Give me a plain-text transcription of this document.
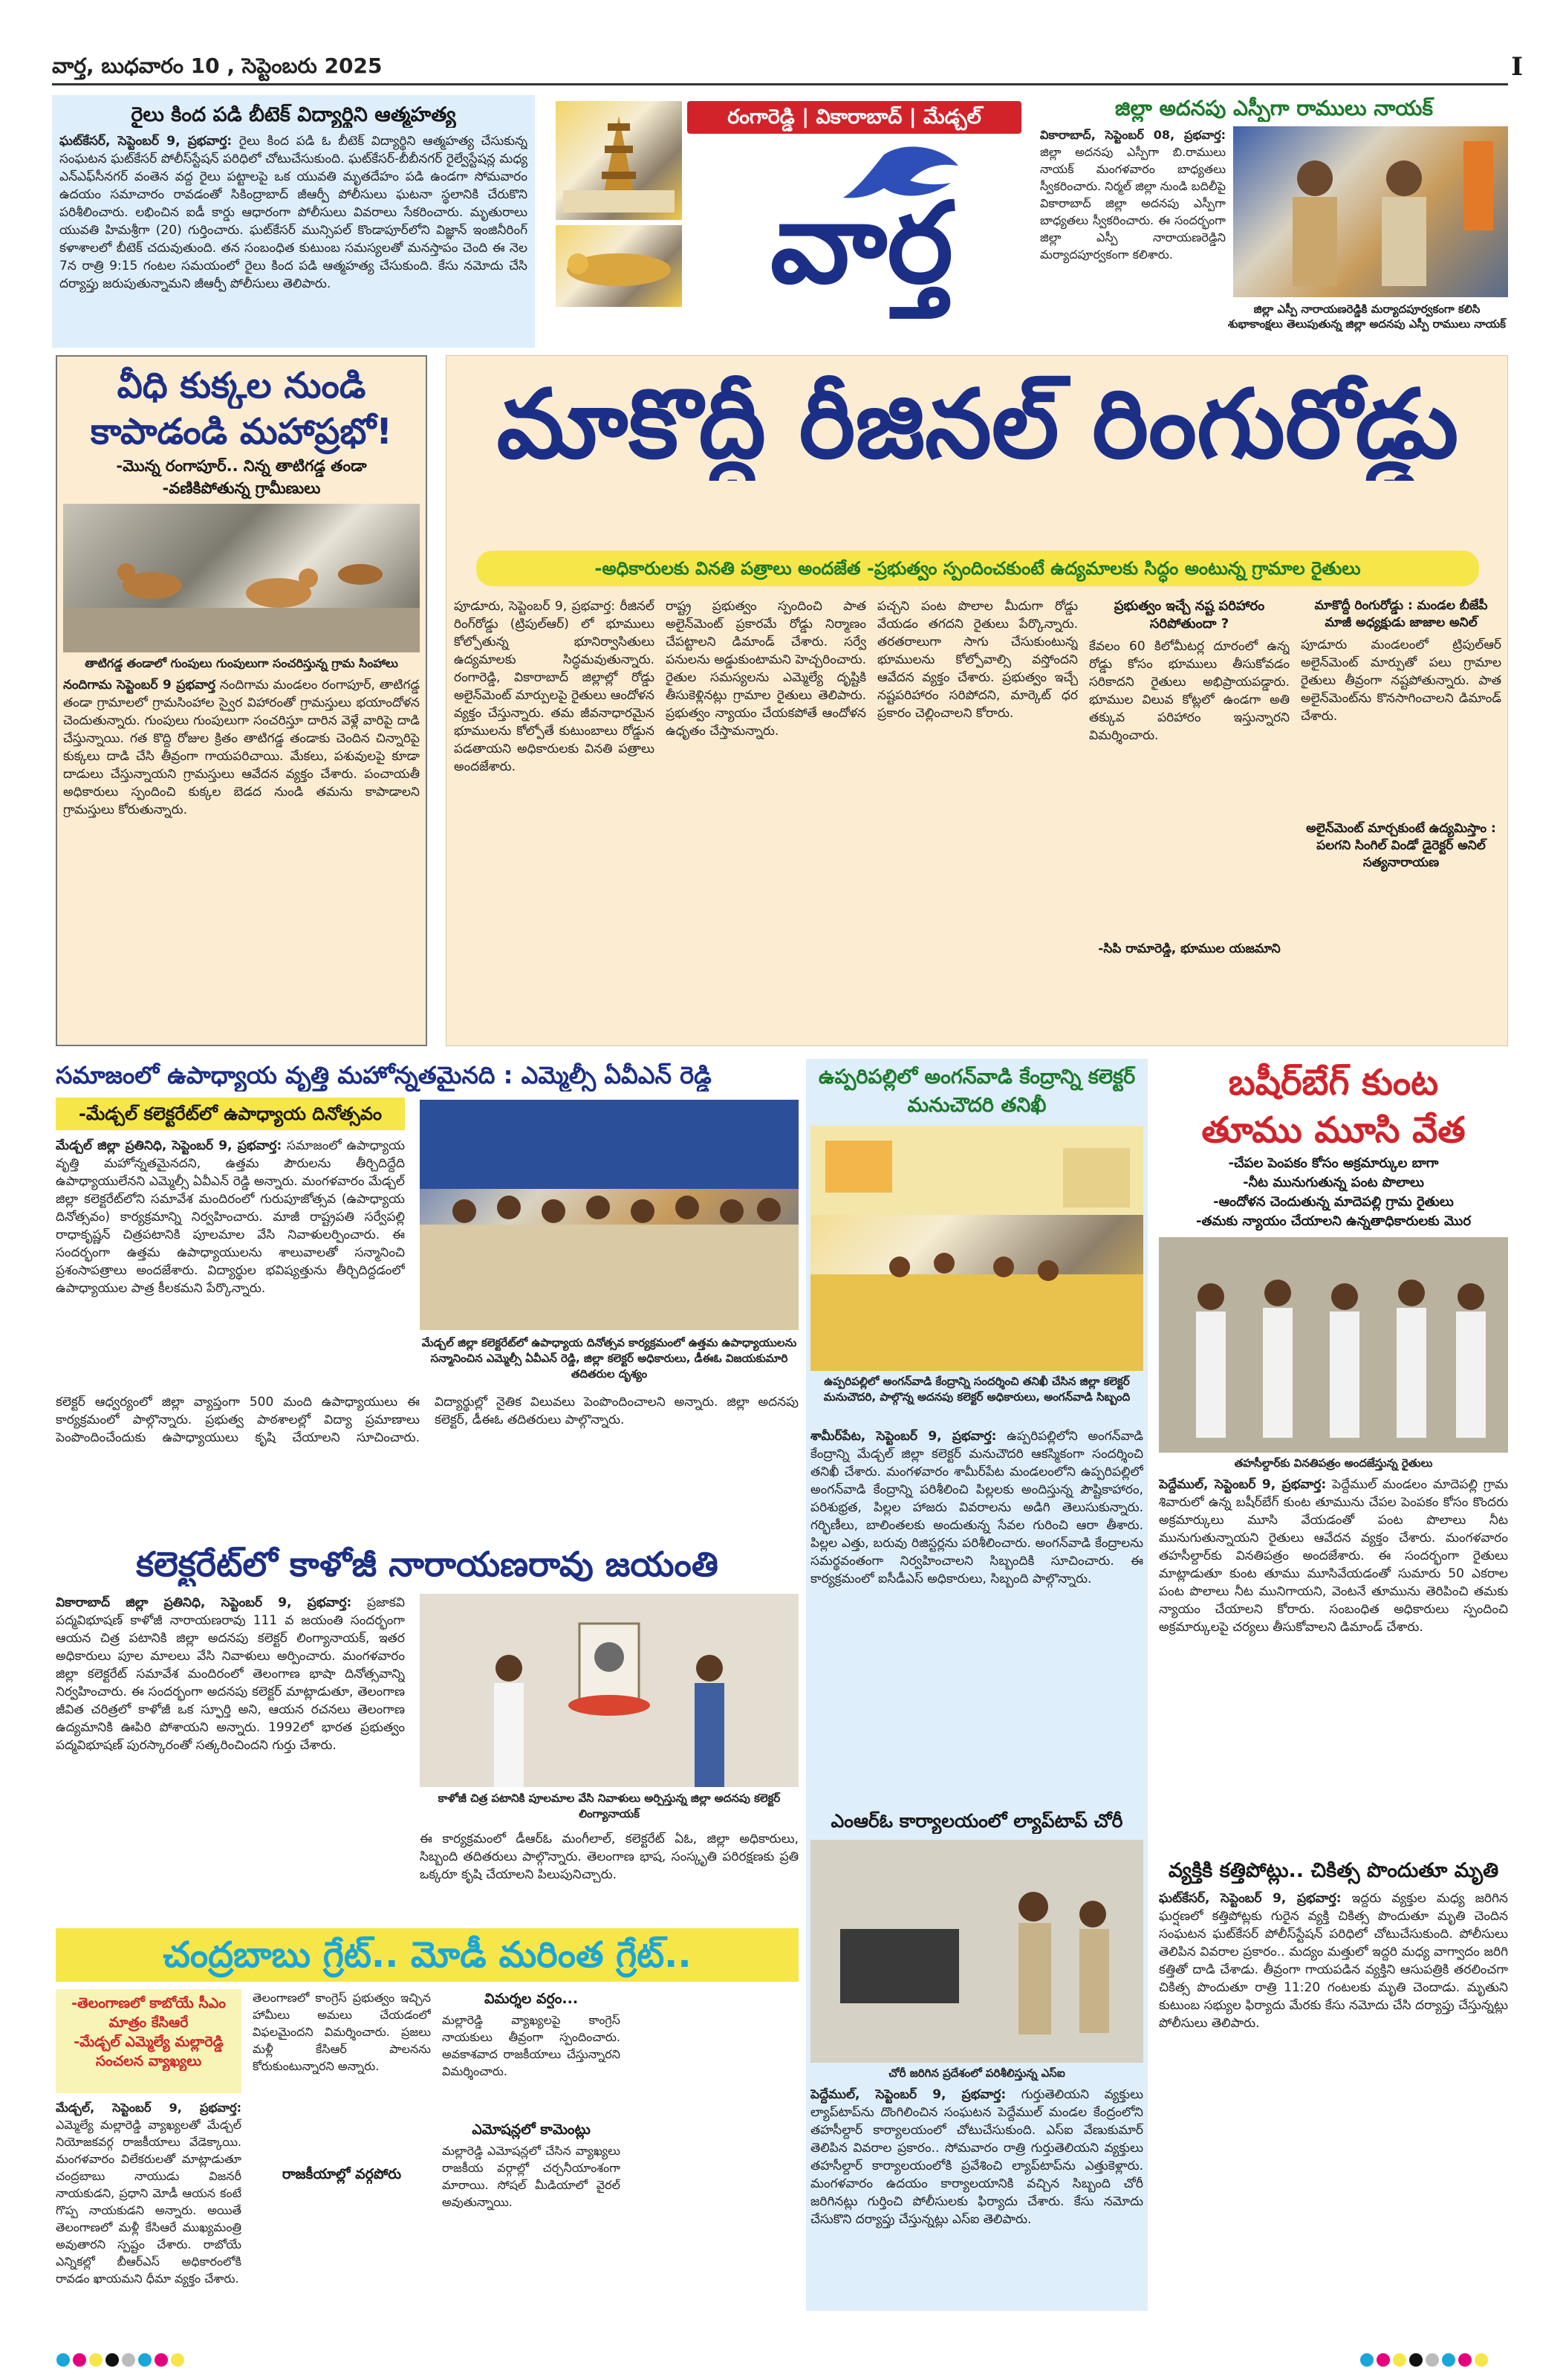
వార్త, బుధవారం 10 , సెప్టెంబరు 2025	I
రైలు కింద పడి బీటెక్ విద్యార్థిని ఆత్మహత్య
ఘట్‌కేసర్, సెప్టెంబర్ 9, ప్రభవార్త: రైలు కింద పడి ఓ బీటెక్ విద్యార్థిని ఆత్మహత్య చేసుకున్న సంఘటన ఘట్‌కేసర్ పోలీస్‌స్టేషన్ పరిధిలో చోటుచేసుకుంది. ఘట్‌కేసర్-బీబీనగర్ రైల్వేస్టేషన్ల మధ్య ఎన్‌ఎఫ్‌సీనగర్ వంతెన వద్ద రైలు పట్టాలపై ఒక యువతి మృతదేహం పడి ఉండగా సోమవారం ఉదయం సమాచారం రావడంతో సికింద్రాబాద్ జీఆర్పీ పోలీసులు ఘటనా స్థలానికి చేరుకొని పరిశీలించారు. లభించిన ఐడీ కార్డు ఆధారంగా పోలీసులు వివరాలు సేకరించారు. మృతురాలు యువతి హిమశ్రీగా (20) గుర్తించారు. ఘట్‌కేసర్ మున్సిపల్ కొండాపూర్‌లోని విజ్ఞాన్ ఇంజినీరింగ్ కళాశాలలో బీటెక్ చదువుతుంది. తన సంబంధిత కుటుంబ సమస్యలతో మనస్తాపం చెంది ఈ నెల 7న రాత్రి 9:15 గంటల సమయంలో రైలు కింద పడి ఆత్మహత్య చేసుకుంది. కేసు నమోదు చేసి దర్యాప్తు జరుపుతున్నామని జీఆర్పీ పోలీసులు తెలిపారు.
రంగారెడ్డి | వికారాబాద్ | మేడ్చల్
వార్త
జిల్లా అదనపు ఎస్పీగా రాములు నాయక్
వికారాబాద్, సెప్టెంబర్ 08, ప్రభవార్త: జిల్లా అదనపు ఎస్పీగా బి.రాములు నాయక్ మంగళవారం బాధ్యతలు స్వీకరించారు. నిర్మల్ జిల్లా నుండి బదిలీపై వికారాబాద్ జిల్లా అదనపు ఎస్పీగా బాధ్యతలు స్వీకరించారు. ఈ సందర్భంగా జిల్లా ఎస్పీ నారాయణరెడ్డిని మర్యాదపూర్వకంగా కలిశారు.
జిల్లా ఎస్పీ నారాయణరెడ్డికి మర్యాదపూర్వకంగా కలిసి శుభాకాంక్షలు తెలుపుతున్న జిల్లా అదనపు ఎస్పీ రాములు నాయక్
వీధి కుక్కల నుండి
కాపాడండి మహాప్రభో!
-మొన్న రంగాపూర్.. నిన్న తాటిగడ్డ తండా
-వణికిపోతున్న గ్రామీణులు
తాటిగడ్డ తండాలో గుంపులు గుంపులుగా సంచరిస్తున్న గ్రామ సింహాలు
నందిగామ సెప్టెంబర్ 9 ప్రభవార్త నందిగామ మండలం రంగాపూర్, తాటిగడ్డ తండా గ్రామాలలో గ్రామసింహాల స్వైర విహారంతో గ్రామస్తులు భయాందోళన చెందుతున్నారు. గుంపులు గుంపులుగా సంచరిస్తూ దారిన వెళ్లే వారిపై దాడి చేస్తున్నాయి. గత కొద్ది రోజుల క్రితం తాటిగడ్డ తండాకు చెందిన చిన్నారిపై కుక్కలు దాడి చేసి తీవ్రంగా గాయపరిచాయి. మేకలు, పశువులపై కూడా దాడులు చేస్తున్నాయని గ్రామస్తులు ఆవేదన వ్యక్తం చేశారు. పంచాయతీ అధికారులు స్పందించి కుక్కల బెడద నుండి తమను కాపాడాలని గ్రామస్తులు కోరుతున్నారు.
మాకొద్దీ రీజినల్ రింగురోడ్డు
-అధికారులకు వినతి పత్రాలు అందజేత -ప్రభుత్వం స్పందించకుంటే ఉద్యమాలకు సిద్ధం అంటున్న గ్రామాల రైతులు
పూడూరు, సెప్టెంబర్ 9, ప్రభవార్త: రీజినల్ రింగ్‌రోడ్డు (ట్రిపుల్‌ఆర్) లో భూములు కోల్పోతున్న భూనిర్వాసితులు ఉద్యమాలకు సిద్ధమవుతున్నారు. రంగారెడ్డి, వికారాబాద్ జిల్లాల్లో రోడ్డు అలైన్‌మెంట్ మార్పులపై రైతులు ఆందోళన వ్యక్తం చేస్తున్నారు. తమ జీవనాధారమైన భూములను కోల్పోతే కుటుంబాలు రోడ్డున పడతాయని అధికారులకు వినతి పత్రాలు అందజేశారు.
రాష్ట్ర ప్రభుత్వం స్పందించి పాత అలైన్‌మెంట్ ప్రకారమే రోడ్డు నిర్మాణం చేపట్టాలని డిమాండ్ చేశారు. సర్వే పనులను అడ్డుకుంటామని హెచ్చరించారు. రైతుల సమస్యలను ఎమ్మెల్యే దృష్టికి తీసుకెళ్లినట్లు గ్రామాల రైతులు తెలిపారు. ప్రభుత్వం న్యాయం చేయకపోతే ఆందోళన ఉధృతం చేస్తామన్నారు.
పచ్చని పంట పొలాల మీదుగా రోడ్డు వేయడం తగదని రైతులు పేర్కొన్నారు. తరతరాలుగా సాగు చేసుకుంటున్న భూములను కోల్పోవాల్సి వస్తోందని ఆవేదన వ్యక్తం చేశారు. ప్రభుత్వం ఇచ్చే నష్టపరిహారం సరిపోదని, మార్కెట్ ధర ప్రకారం చెల్లించాలని కోరారు.
ప్రభుత్వం ఇచ్చే నష్ట పరిహారం సరిపోతుందా ?
కేవలం 60 కిలోమీటర్ల దూరంలో ఉన్న రోడ్డు కోసం భూములు తీసుకోవడం సరికాదని రైతులు అభిప్రాయపడ్డారు. భూముల విలువ కోట్లలో ఉండగా అతి తక్కువ పరిహారం ఇస్తున్నారని విమర్శించారు.
-సిపి రామారెడ్డి, భూముల యజమాని
మాకొద్దీ రింగురోడ్డు : మండల బీజేపీ మాజీ అధ్యక్షుడు జాజాల అనిల్
పూడూరు మండలంలో ట్రిపుల్‌ఆర్ అలైన్‌మెంట్ మార్పుతో పలు గ్రామాల రైతులు తీవ్రంగా నష్టపోతున్నారు. పాత అలైన్‌మెంట్‌ను కొనసాగించాలని డిమాండ్ చేశారు.
అలైన్‌మెంట్ మార్చకుంటే ఉద్యమిస్తాం : పలగని సింగిల్ విండో డైరెక్టర్ అనిల్ సత్యనారాయణ
సమాజంలో ఉపాధ్యాయ వృత్తి మహోన్నతమైనది : ఎమ్మెల్సీ ఏవీఎన్ రెడ్డి
-మేడ్చల్ కలెక్టరేట్‌లో ఉపాధ్యాయ దినోత్సవం
మేడ్చల్ జిల్లా ప్రతినిధి, సెప్టెంబర్ 9, ప్రభవార్త: సమాజంలో ఉపాధ్యాయ వృత్తి మహోన్నతమైనదని, ఉత్తమ పౌరులను తీర్చిదిద్దేది ఉపాధ్యాయులేనని ఎమ్మెల్సీ ఏవీఎన్ రెడ్డి అన్నారు. మంగళవారం మేడ్చల్ జిల్లా కలెక్టరేట్‌లోని సమావేశ మందిరంలో గురుపూజోత్సవ (ఉపాధ్యాయ దినోత్సవం) కార్యక్రమాన్ని నిర్వహించారు. మాజీ రాష్ట్రపతి సర్వేపల్లి రాధాకృష్ణన్ చిత్రపటానికి పూలమాల వేసి నివాళులర్పించారు. ఈ సందర్భంగా ఉత్తమ ఉపాధ్యాయులను శాలువాలతో సన్మానించి ప్రశంసాపత్రాలు అందజేశారు. విద్యార్థుల భవిష్యత్తును తీర్చిదిద్దడంలో ఉపాధ్యాయుల పాత్ర కీలకమని పేర్కొన్నారు.
మేడ్చల్ జిల్లా కలెక్టరేట్‌లో ఉపాధ్యాయ దినోత్సవ కార్యక్రమంలో ఉత్తమ ఉపాధ్యాయులను సన్మానించిన ఎమ్మెల్సీ ఏవీఎన్ రెడ్డి, జిల్లా కలెక్టర్ అధికారులు, డీఈఓ విజయకుమారి తదితరుల దృశ్యం
కలెక్టర్ ఆధ్వర్యంలో జిల్లా వ్యాప్తంగా 500 మంది ఉపాధ్యాయులు ఈ కార్యక్రమంలో పాల్గొన్నారు. ప్రభుత్వ పాఠశాలల్లో విద్యా ప్రమాణాలు పెంపొందించేందుకు ఉపాధ్యాయులు కృషి చేయాలని సూచించారు. విద్యార్థుల్లో నైతిక విలువలు పెంపొందించాలని అన్నారు. జిల్లా అదనపు కలెక్టర్, డీఈఓ తదితరులు పాల్గొన్నారు.
కలెక్టరేట్‌లో కాళోజీ నారాయణరావు జయంతి
వికారాబాద్ జిల్లా ప్రతినిధి, సెప్టెంబర్ 9, ప్రభవార్త: ప్రజాకవి పద్మవిభూషణ్ కాళోజీ నారాయణరావు 111 వ జయంతి సందర్భంగా ఆయన చిత్ర పటానికి జిల్లా అదనపు కలెక్టర్ లింగ్యానాయక్, ఇతర అధికారులు పూల మాలలు వేసి నివాళులు అర్పించారు. మంగళవారం జిల్లా కలెక్టరేట్ సమావేశ మందిరంలో తెలంగాణ భాషా దినోత్సవాన్ని నిర్వహించారు. ఈ సందర్భంగా అదనపు కలెక్టర్ మాట్లాడుతూ, తెలంగాణ జీవిత చరిత్రలో కాళోజీ ఒక స్ఫూర్తి అని, ఆయన రచనలు తెలంగాణ ఉద్యమానికి ఊపిరి పోశాయని అన్నారు. 1992లో భారత ప్రభుత్వం పద్మవిభూషణ్ పురస్కారంతో సత్కరించిందని గుర్తు చేశారు.
కాళోజీ చిత్ర పటానికి పూలమాల వేసి నివాళులు అర్పిస్తున్న జిల్లా అదనపు కలెక్టర్ లింగ్యానాయక్
ఈ కార్యక్రమంలో డీఆర్‌ఓ మంగీలాల్, కలెక్టరేట్ ఏఓ, జిల్లా అధికారులు, సిబ్బంది తదితరులు పాల్గొన్నారు. తెలంగాణ భాష, సంస్కృతి పరిరక్షణకు ప్రతి ఒక్కరూ కృషి చేయాలని పిలుపునిచ్చారు.
చంద్రబాబు గ్రేట్.. మోడీ మరింత గ్రేట్..
-తెలంగాణలో కాబోయే సీఎం మాత్రం కేసిఆరే
-మేడ్చల్ ఎమ్మెల్యే మల్లారెడ్డి సంచలన వ్యాఖ్యలు
మేడ్చల్, సెప్టెంబర్ 9, ప్రభవార్త: ఎమ్మెల్యే మల్లారెడ్డి వ్యాఖ్యలతో మేడ్చల్ నియోజకవర్గ రాజకీయాలు వేడెక్కాయి. మంగళవారం విలేకరులతో మాట్లాడుతూ చంద్రబాబు నాయుడు విజనరీ నాయకుడని, ప్రధాని మోడీ ఆయన కంటే గొప్ప నాయకుడని అన్నారు. అయితే తెలంగాణలో మళ్లీ కేసిఆరే ముఖ్యమంత్రి అవుతారని స్పష్టం చేశారు. రాబోయే ఎన్నికల్లో బీఆర్‌ఎస్ అధికారంలోకి రావడం ఖాయమని ధీమా వ్యక్తం చేశారు.
తెలంగాణలో కాంగ్రెస్ ప్రభుత్వం ఇచ్చిన హామీలు అమలు చేయడంలో విఫలమైందని విమర్శించారు. ప్రజలు మళ్లీ కేసిఆర్ పాలనను కోరుకుంటున్నారని అన్నారు.
రాజకీయాల్లో వర్గపోరు
విమర్శల వర్షం...
మల్లారెడ్డి వ్యాఖ్యలపై కాంగ్రెస్ నాయకులు తీవ్రంగా స్పందించారు. అవకాశవాద రాజకీయాలు చేస్తున్నారని విమర్శించారు.
ఎమోషన్లలో కామెంట్లు
మల్లారెడ్డి ఎమోషన్లలో చేసిన వ్యాఖ్యలు రాజకీయ వర్గాల్లో చర్చనీయాంశంగా మారాయి. సోషల్ మీడియాలో వైరల్ అవుతున్నాయి.
ఉప్పరిపల్లిలో అంగన్‌వాడి కేంద్రాన్ని కలెక్టర్ మనుచౌదరి తనిఖీ
ఉప్పరిపల్లిలో అంగన్‌వాడి కేంద్రాన్ని సందర్శించి తనిఖీ చేసిన జిల్లా కలెక్టర్ మనుచౌదరి, పాల్గొన్న అదనపు కలెక్టర్ అధికారులు, అంగన్‌వాడి సిబ్బంది
శామీర్‌పేట, సెప్టెంబర్ 9, ప్రభవార్త: ఉప్పరిపల్లిలోని అంగన్‌వాడి కేంద్రాన్ని మేడ్చల్ జిల్లా కలెక్టర్ మనుచౌదరి ఆకస్మికంగా సందర్శించి తనిఖీ చేశారు. మంగళవారం శామీర్‌పేట మండలంలోని ఉప్పరిపల్లిలో అంగన్‌వాడి కేంద్రాన్ని పరిశీలించి పిల్లలకు అందిస్తున్న పౌష్టికాహారం, పరిశుభ్రత, పిల్లల హాజరు వివరాలను అడిగి తెలుసుకున్నారు. గర్భిణీలు, బాలింతలకు అందుతున్న సేవల గురించి ఆరా తీశారు. పిల్లల ఎత్తు, బరువు రిజిస్టర్లను పరిశీలించారు. అంగన్‌వాడి కేంద్రాలను సమర్థవంతంగా నిర్వహించాలని సిబ్బందికి సూచించారు. ఈ కార్యక్రమంలో ఐసీడీఎస్ అధికారులు, సిబ్బంది పాల్గొన్నారు.
ఎంఆర్‌ఓ కార్యాలయంలో ల్యాప్‌టాప్ చోరీ
చోరీ జరిగిన ప్రదేశంలో పరిశీలిస్తున్న ఎస్‌ఐ
పెద్దేముల్, సెప్టెంబర్ 9, ప్రభవార్త: గుర్తుతెలియని వ్యక్తులు ల్యాప్‌టాప్‌ను దొంగిలించిన సంఘటన పెద్దేముల్ మండల కేంద్రంలోని తహసీల్దార్ కార్యాలయంలో చోటుచేసుకుంది. ఎస్‌ఐ వేణుకుమార్ తెలిపిన వివరాల ప్రకారం.. సోమవారం రాత్రి గుర్తుతెలియని వ్యక్తులు తహసీల్దార్ కార్యాలయంలోకి ప్రవేశించి ల్యాప్‌టాప్‌ను ఎత్తుకెళ్లారు. మంగళవారం ఉదయం కార్యాలయానికి వచ్చిన సిబ్బంది చోరీ జరిగినట్లు గుర్తించి పోలీసులకు ఫిర్యాదు చేశారు. కేసు నమోదు చేసుకొని దర్యాప్తు చేస్తున్నట్లు ఎస్‌ఐ తెలిపారు.
బషీర్‌బేగ్ కుంట
తూము మూసి వేత
-చేపల పెంపకం కోసం అక్రమార్కుల బాగా
-నీట మునుగుతున్న పంట పొలాలు
-ఆందోళన చెందుతున్న మాదెపల్లి గ్రామ రైతులు
-తమకు న్యాయం చేయాలని ఉన్నతాధికారులకు మొర
తహసీల్దార్‌కు వినతిపత్రం అందజేస్తున్న రైతులు
పెద్దేముల్, సెప్టెంబర్ 9, ప్రభవార్త: పెద్దేముల్ మండలం మాదెపల్లి గ్రామ శివారులో ఉన్న బషీర్‌బేగ్ కుంట తూమును చేపల పెంపకం కోసం కొందరు అక్రమార్కులు మూసి వేయడంతో పంట పొలాలు నీట మునుగుతున్నాయని రైతులు ఆవేదన వ్యక్తం చేశారు. మంగళవారం తహసీల్దార్‌కు వినతిపత్రం అందజేశారు. ఈ సందర్భంగా రైతులు మాట్లాడుతూ కుంట తూము మూసివేయడంతో సుమారు 50 ఎకరాల పంట పొలాలు నీట మునిగాయని, వెంటనే తూమును తెరిపించి తమకు న్యాయం చేయాలని కోరారు. సంబంధిత అధికారులు స్పందించి అక్రమార్కులపై చర్యలు తీసుకోవాలని డిమాండ్ చేశారు.
వ్యక్తికి కత్తిపోట్లు.. చికిత్స పొందుతూ మృతి
ఘట్‌కేసర్, సెప్టెంబర్ 9, ప్రభవార్త: ఇద్దరు వ్యక్తుల మధ్య జరిగిన ఘర్షణలో కత్తిపోట్లకు గురైన వ్యక్తి చికిత్స పొందుతూ మృతి చెందిన సంఘటన ఘట్‌కేసర్ పోలీస్‌స్టేషన్ పరిధిలో చోటుచేసుకుంది. పోలీసులు తెలిపిన వివరాల ప్రకారం.. మద్యం మత్తులో ఇద్దరి మధ్య వాగ్వాదం జరిగి కత్తితో దాడి చేశాడు. తీవ్రంగా గాయపడిన వ్యక్తిని ఆసుపత్రికి తరలించగా చికిత్స పొందుతూ రాత్రి 11:20 గంటలకు మృతి చెందాడు. మృతుని కుటుంబ సభ్యుల ఫిర్యాదు మేరకు కేసు నమోదు చేసి దర్యాప్తు చేస్తున్నట్లు పోలీసులు తెలిపారు.
